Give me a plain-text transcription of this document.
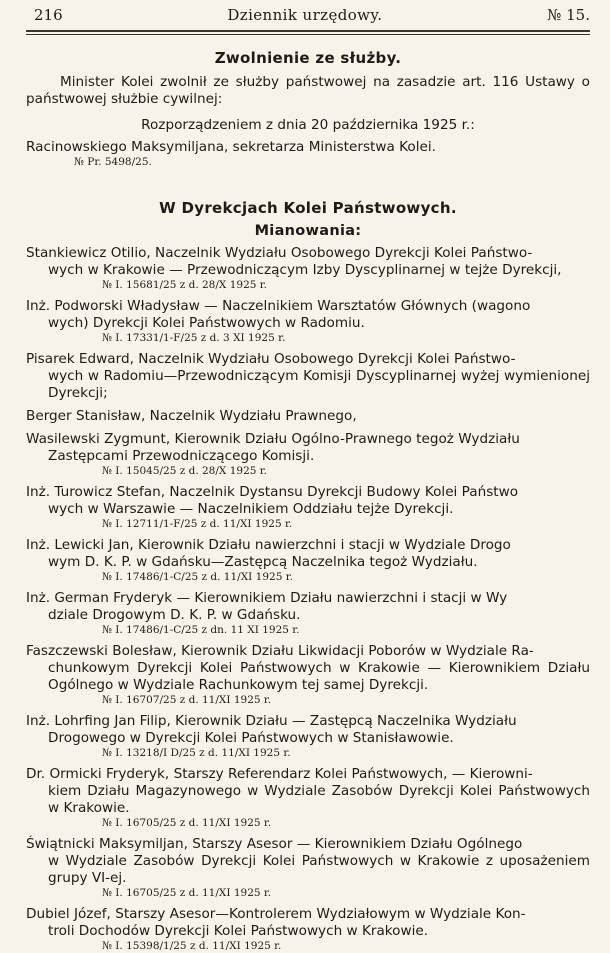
216	Dziennik urzędowy.	№ 15.
Zwolnienie ze służby.
Minister Kolei zwolnił ze służby państwowej na zasadzie art. 116 Ustawy o państwowej służbie cywilnej:
Rozporządzeniem z dnia 20 października 1925 r.:
Racinowskiego Maksymiljana, sekretarza Ministerstwa Kolei.
№ Pr. 5498/25.
W Dyrekcjach Kolei Państwowych.
Mianowania:
Stankiewicz Otilio, Naczelnik Wydziału Osobowego Dyrekcji Kolei Państwo-
wych w Krakowie — Przewodniczącym Izby Dyscyplinarnej w tejże Dyrekcji,
№ I. 15681/25 z d. 28/X 1925 r.
Inż. Podworski Władysław — Naczelnikiem Warsztatów Głównych (wagono
wych) Dyrekcji Kolei Państwowych w Radomiu.
№ I. 17331/1-F/25 z d. 3 XI 1925 r.
Pisarek Edward, Naczelnik Wydziału Osobowego Dyrekcji Kolei Państwo-
wych w Radomiu—Przewodniczącym Komisji Dyscyplinarnej wyżej wymienionej Dyrekcji;
Berger Stanisław, Naczelnik Wydziału Prawnego,
Wasilewski Zygmunt, Kierownik Działu Ogólno-Prawnego tegoż Wydziału
Zastępcami Przewodniczącego Komisji.
№ I. 15045/25 z d. 28/X 1925 r.
Inż. Turowicz Stefan, Naczelnik Dystansu Dyrekcji Budowy Kolei Państwo
wych w Warszawie — Naczelnikiem Oddziału tejże Dyrekcji.
№ I. 12711/1-F/25 z d. 11/XI 1925 r.
Inż. Lewicki Jan, Kierownik Działu nawierzchni i stacji w Wydziale Drogo
wym D. K. P. w Gdańsku—Zastępcą Naczelnika tegoż Wydziału.
№ I. 17486/1-C/25 z d. 11/XI 1925 r.
Inż. German Fryderyk — Kierownikiem Działu nawierzchni i stacji w Wy
dziale Drogowym D. K. P. w Gdańsku.
№ I. 17486/1-C/25 z dn. 11 XI 1925 r.
Faszczewski Bolesław, Kierownik Działu Likwidacji Poborów w Wydziale Ra-
chunkowym Dyrekcji Kolei Państwowych w Krakowie — Kierownikiem Działu Ogólnego w Wydziale Rachunkowym tej samej Dyrekcji.
№ I. 16707/25 z d. 11/XI 1925 r.
Inż. Lohrfing Jan Filip, Kierownik Działu — Zastępcą Naczelnika Wydziału
Drogowego w Dyrekcji Kolei Państwowych w Stanisławowie.
№ I. 13218/I D/25 z d. 11/XI 1925 r.
Dr. Ormicki Fryderyk, Starszy Referendarz Kolei Państwowych, — Kierowni-
kiem Działu Magazynowego w Wydziale Zasobów Dyrekcji Kolei Państwowych w Krakowie.
№ I. 16705/25 z d. 11/XI 1925 r.
Świątnicki Maksymiljan, Starszy Asesor — Kierownikiem Działu Ogólnego
w Wydziale Zasobów Dyrekcji Kolei Państwowych w Krakowie z uposażeniem grupy VI-ej.
№ I. 16705/25 z d. 11/XI 1925 r.
Dubiel Józef, Starszy Asesor—Kontrolerem Wydziałowym w Wydziale Kon-
troli Dochodów Dyrekcji Kolei Państwowych w Krakowie.
№ I. 15398/1/25 z d. 11/XI 1925 r.
